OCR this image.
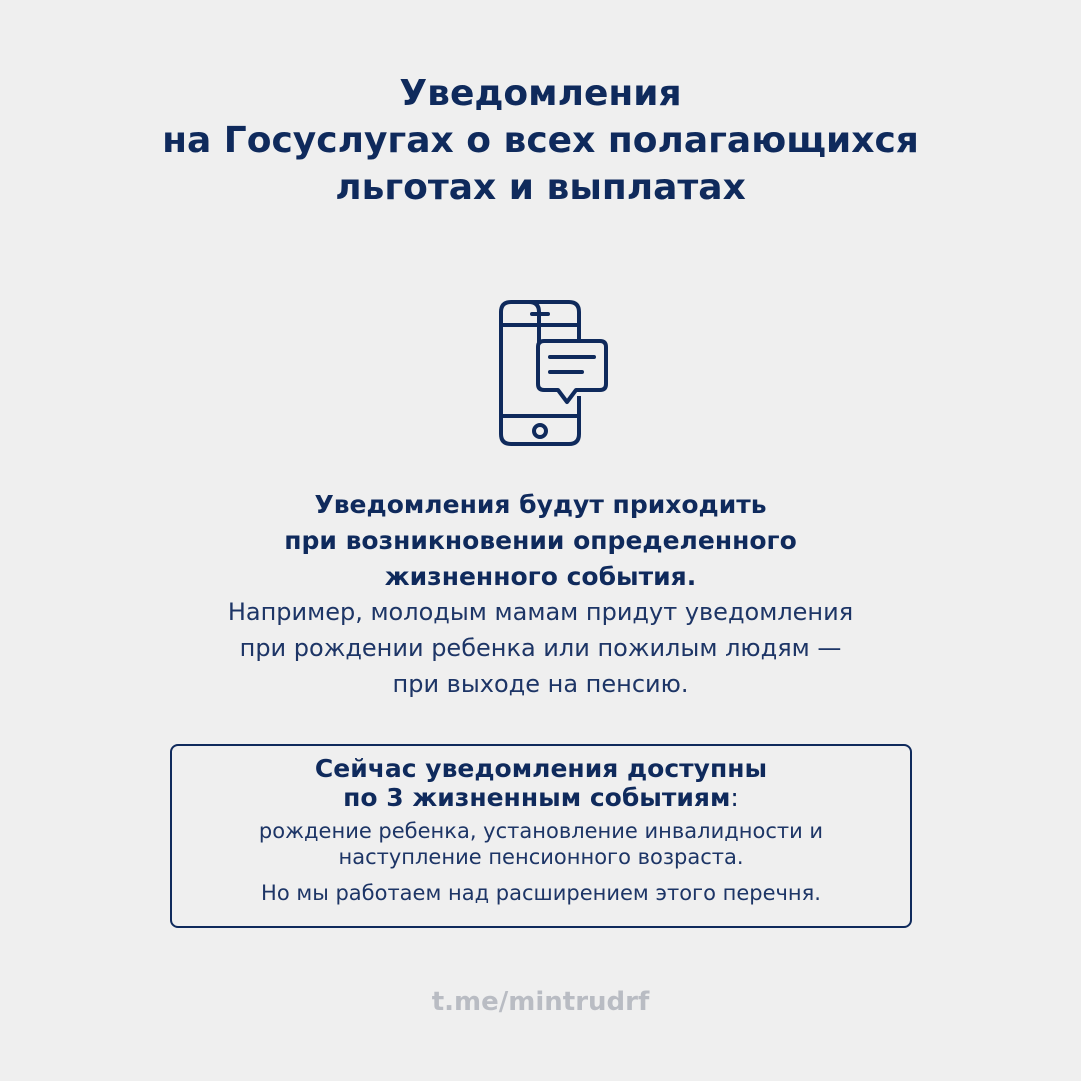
Уведомления
на Госуслугах о всех полагающихся
льготах и выплатах
Уведомления будут приходить
при возникновении определенного
жизненного события.
Например, молодым мамам придут уведомления
при рождении ребенка или пожилым людям —
при выходе на пенсию.
Сейчас уведомления доступны
по 3 жизненным событиям:
рождение ребенка, установление инвалидности и
наступление пенсионного возраста.
Но мы работаем над расширением этого перечня.
t.me/mintrudrf
